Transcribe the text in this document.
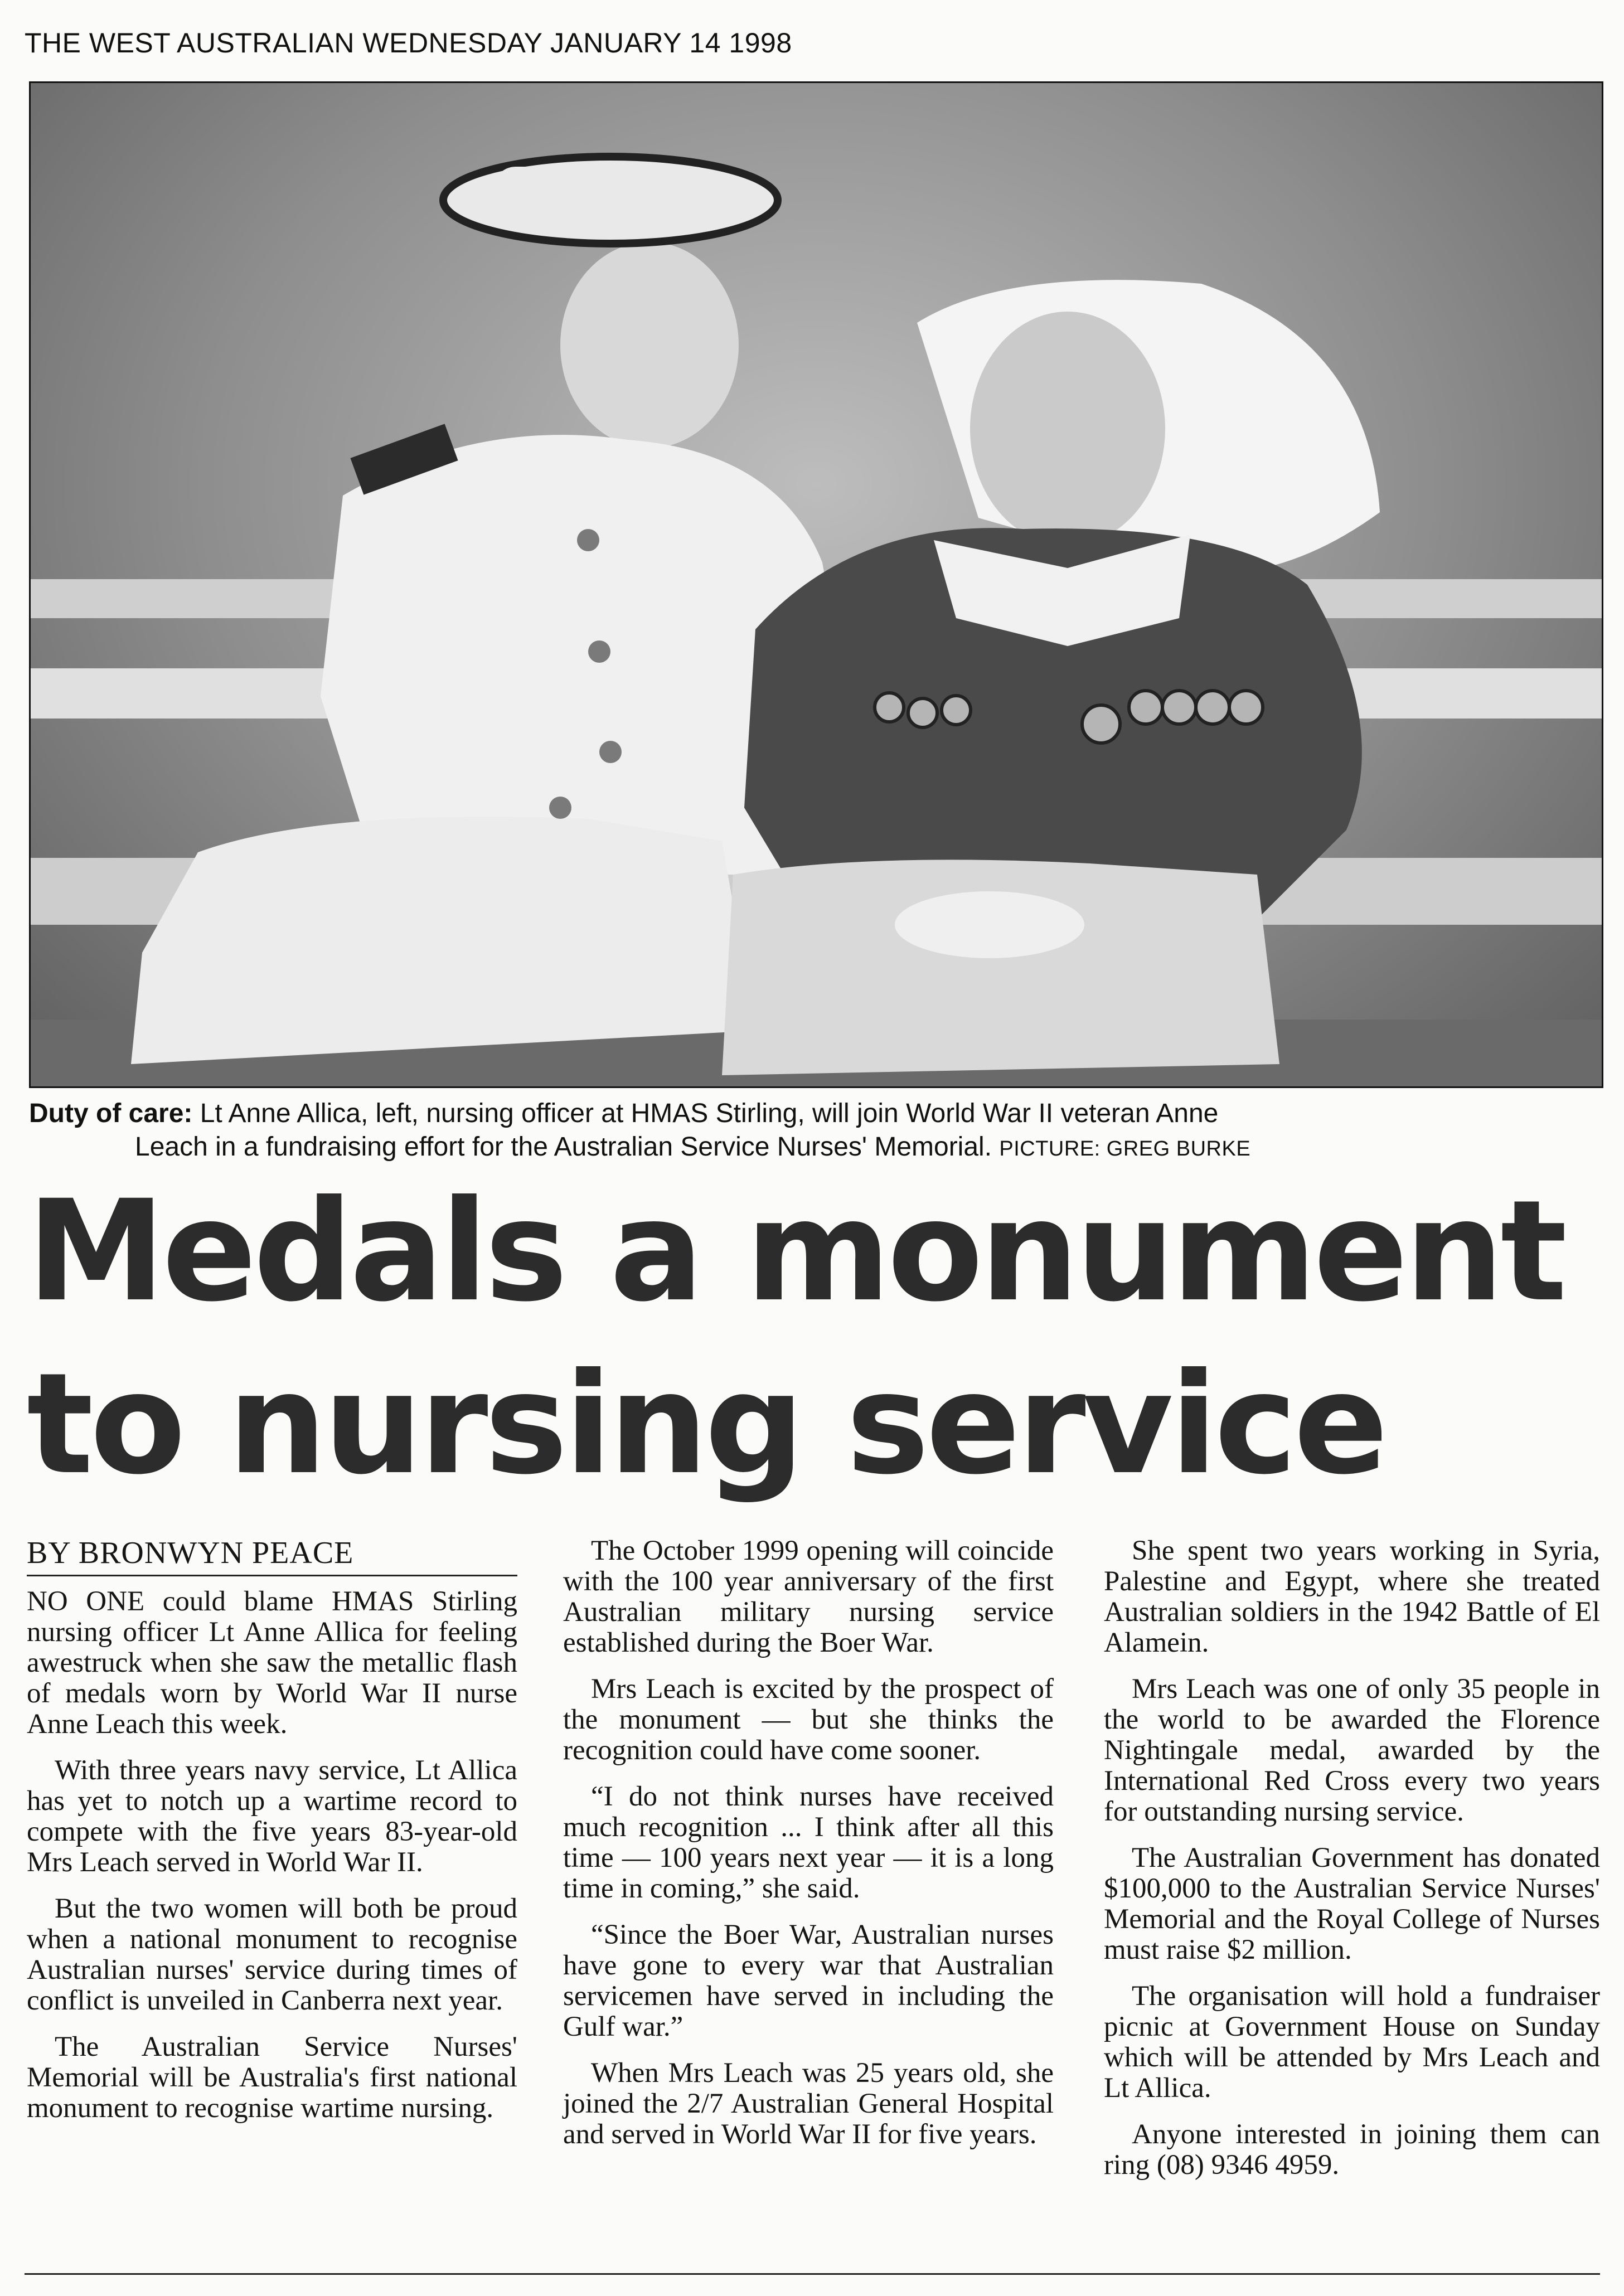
THE WEST AUSTRALIAN WEDNESDAY JANUARY 14 1998
Duty of care: Lt Anne Allica, left, nursing officer at HMAS Stirling, will join World War II veteran Anne
Leach in a fundraising effort for the Australian Service Nurses' Memorial. PICTURE: GREG BURKE
Medals a monument
to nursing service
BY BRONWYN PEACE

NO ONE could blame HMAS Stirling nursing officer Lt Anne Allica for feeling awestruck when she saw the metallic flash of medals worn by World War II nurse Anne Leach this week.

With three years navy service, Lt Allica has yet to notch up a wartime record to compete with the five years 83-year-old Mrs Leach served in World War II.

But the two women will both be proud when a national monument to recognise Australian nurses' service during times of conflict is unveiled in Canberra next year.

The Australian Service Nurses' Memorial will be Australia's first national monument to recognise wartime nursing.

The October 1999 opening will coincide with the 100 year anniversary of the first Australian military nursing service established during the Boer War.

Mrs Leach is excited by the prospect of the monument — but she thinks the recognition could have come sooner.

“I do not think nurses have received much recognition ... I think after all this time — 100 years next year — it is a long time in coming,” she said.

“Since the Boer War, Australian nurses have gone to every war that Australian servicemen have served in including the Gulf war.”

When Mrs Leach was 25 years old, she joined the 2/7 Australian General Hospital and served in World War II for five years.

She spent two years working in Syria, Palestine and Egypt, where she treated Australian soldiers in the 1942 Battle of El Alamein.

Mrs Leach was one of only 35 people in the world to be awarded the Florence Nightingale medal, awarded by the International Red Cross every two years for outstanding nursing service.

The Australian Government has donated $100,000 to the Australian Service Nurses' Memorial and the Royal College of Nurses must raise $2 million.

The organisation will hold a fundraiser picnic at Government House on Sunday which will be attended by Mrs Leach and Lt Allica.

Anyone interested in joining them can ring (08) 9346 4959.
